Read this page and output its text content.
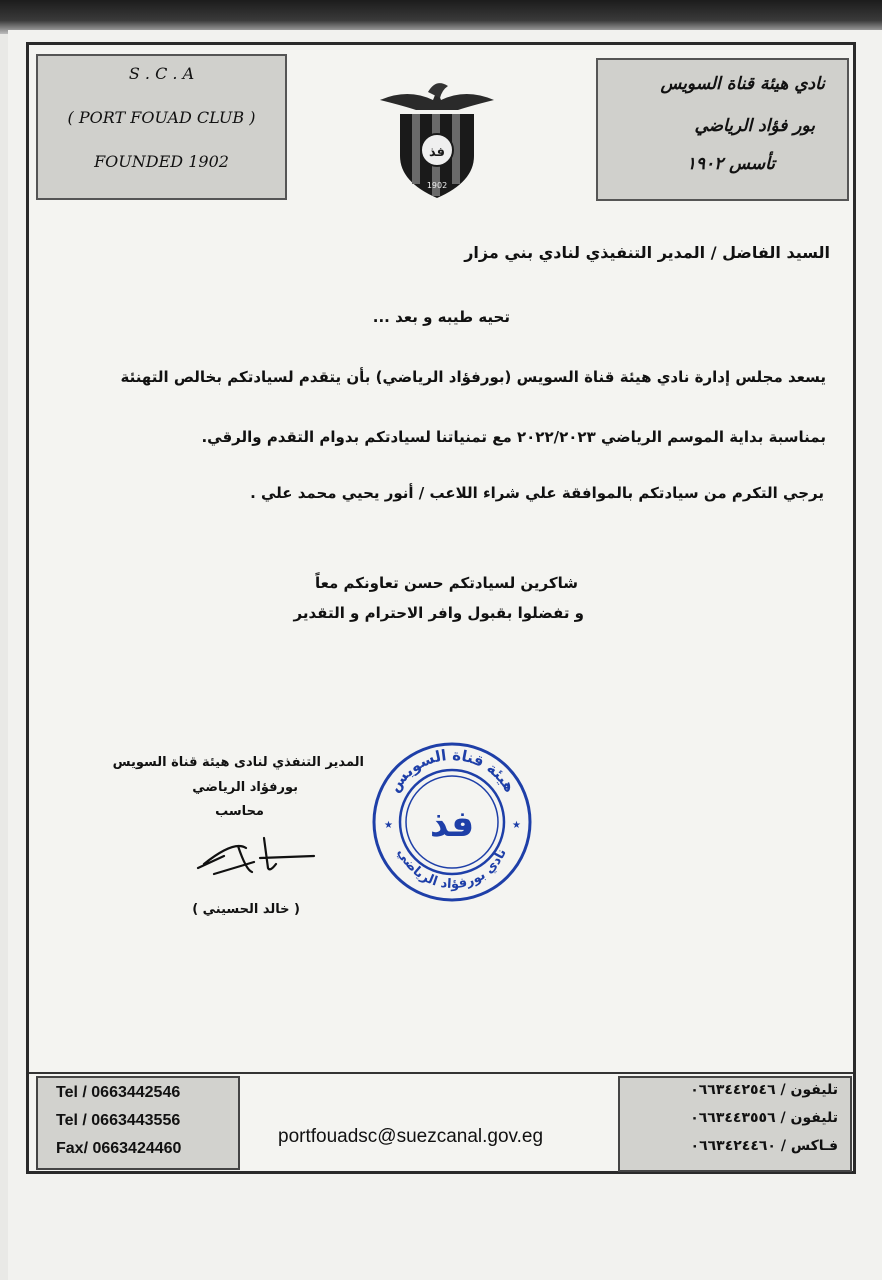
S . C . A
( PORT FOUAD CLUB )
FOUNDED 1902	فذ
1902
نادي هيئة قناة السويس
بور فؤاد الرياضي
تأسس ١٩٠٢
السيد الفاضل / المدير التنفيذي لنادي بني مزار
تحيه طيبه و بعد ...
يسعد مجلس إدارة نادي هيئة قناة السويس (بورفؤاد الرياضي) بأن يتقدم لسيادتكم بخالص التهنئة
بمناسبة بداية الموسم الرياضي ٢٠٢٢/٢٠٢٣ مع تمنياتنا لسيادتكم بدوام التقدم والرقي.
يرجي التكرم من سيادتكم بالموافقة علي شراء اللاعب / أنور يحيي محمد علي .
شاكرين لسيادتكم حسن تعاونكم معاً
و تفضلوا بقبول وافر الاحترام و التقدير
المدير التنفذي لنادى هيئة قناة السويس
بورفؤاد الرياضي
محاسب
( خالد الحسيني )
هيئة قناة السويس
نادي بورفؤاد الرياضي
فذ
★	★
Tel / 0663442546
Tel / 0663443556
Fax/ 0663424460
portfouadsc@suezcanal.gov.eg
تليفون / ٠٦٦٣٤٤٢٥٤٦
تليفون / ٠٦٦٣٤٤٣٥٥٦
فـاكس / ٠٦٦٣٤٢٤٤٦٠
